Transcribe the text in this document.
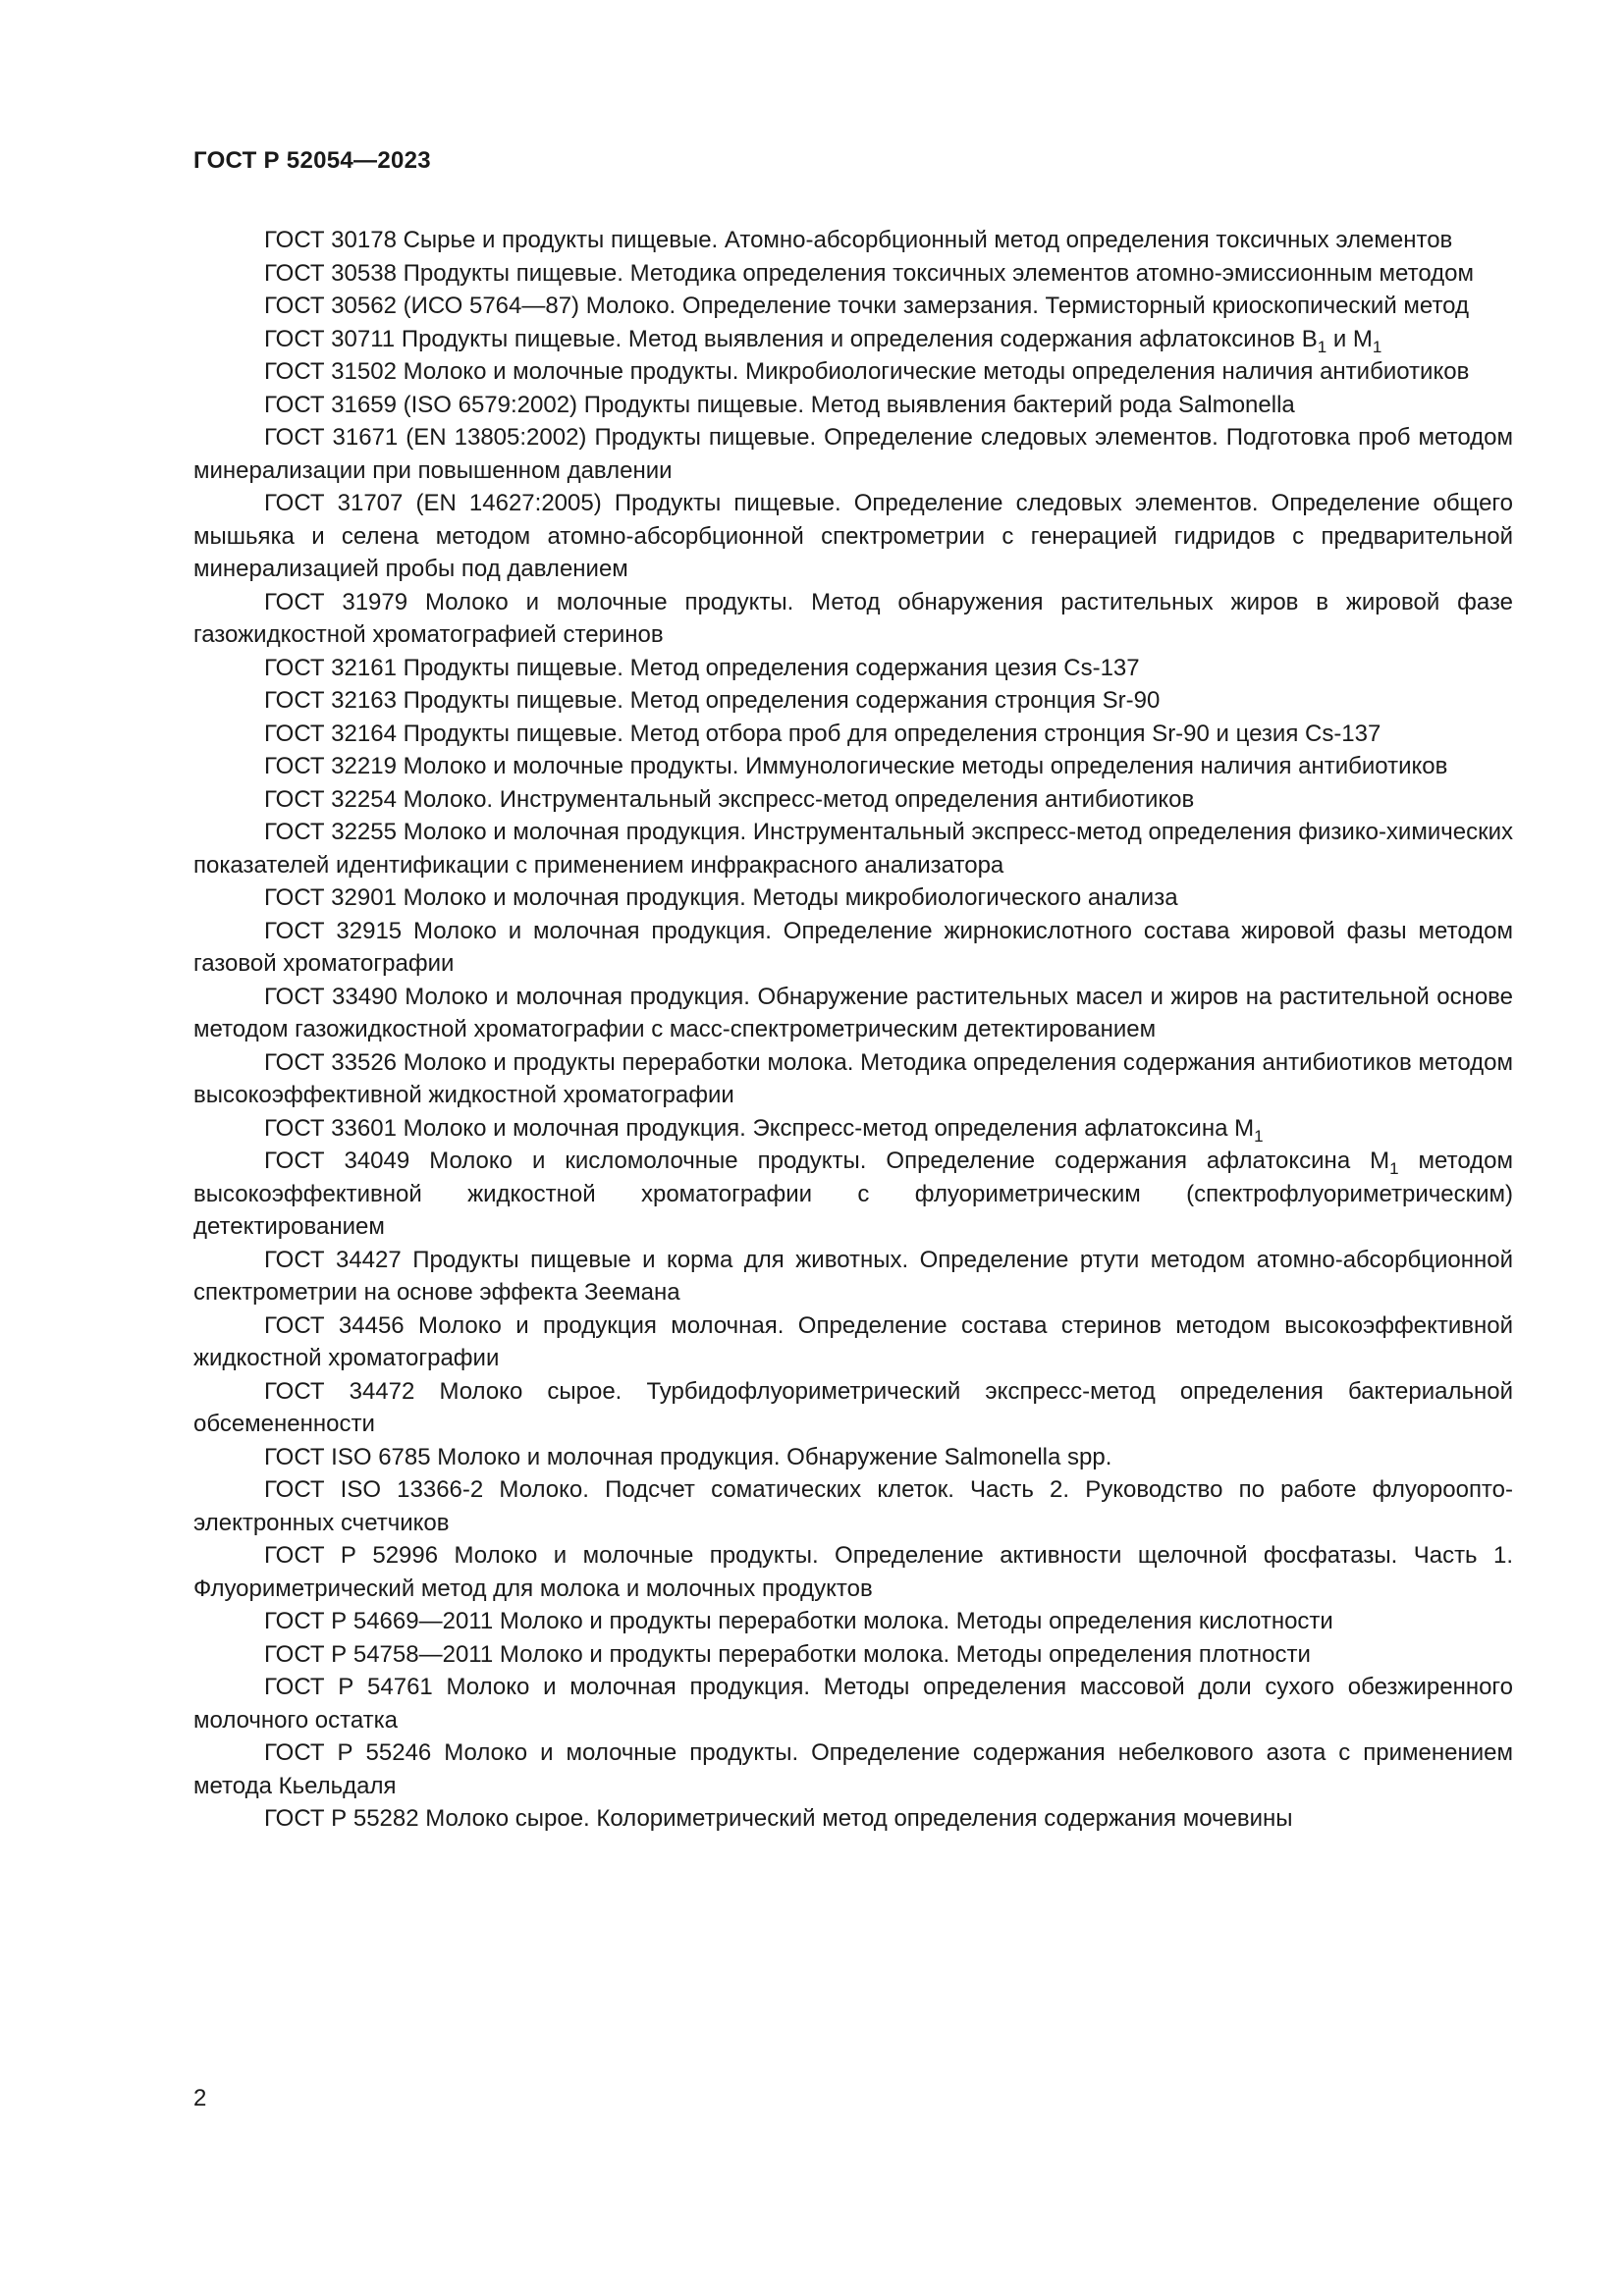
ГОСТ Р 52054—2023

ГОСТ 30178 Сырье и продукты пищевые. Атомно-абсорбционный метод определения токсичных элементов

ГОСТ 30538 Продукты пищевые. Методика определения токсичных элементов атомно-эмиссионным методом

ГОСТ 30562 (ИСО 5764—87) Молоко. Определение точки замерзания. Термисторный криоскопический метод

ГОСТ 30711 Продукты пищевые. Метод выявления и определения содержания афлатоксинов $В_1$ и $М_1$

ГОСТ 31502 Молоко и молочные продукты. Микробиологические методы определения наличия антибиотиков

ГОСТ 31659 (ISO 6579:2002) Продукты пищевые. Метод выявления бактерий рода Salmonella

ГОСТ 31671 (EN 13805:2002) Продукты пищевые. Определение следовых элементов. Подготовка проб методом минерализации при повышенном давлении

ГОСТ 31707 (EN 14627:2005) Продукты пищевые. Определение следовых элементов. Определение общего мышьяка и селена методом атомно-абсорбционной спектрометрии с генерацией гидридов с предварительной минерализацией пробы под давлением

ГОСТ 31979 Молоко и молочные продукты. Метод обнаружения растительных жиров в жировой фазе газожидкостной хроматографией стеринов

ГОСТ 32161 Продукты пищевые. Метод определения содержания цезия Cs-137

ГОСТ 32163 Продукты пищевые. Метод определения содержания стронция Sr-90

ГОСТ 32164 Продукты пищевые. Метод отбора проб для определения стронция Sr-90 и цезия Cs-137

ГОСТ 32219 Молоко и молочные продукты. Иммунологические методы определения наличия антибиотиков

ГОСТ 32254 Молоко. Инструментальный экспресс-метод определения антибиотиков

ГОСТ 32255 Молоко и молочная продукция. Инструментальный экспресс-метод определения физико-химических показателей идентификации с применением инфракрасного анализатора

ГОСТ 32901 Молоко и молочная продукция. Методы микробиологического анализа

ГОСТ 32915 Молоко и молочная продукция. Определение жирнокислотного состава жировой фазы методом газовой хроматографии

ГОСТ 33490 Молоко и молочная продукция. Обнаружение растительных масел и жиров на растительной основе методом газожидкостной хроматографии с масс-спектрометрическим детектированием

ГОСТ 33526 Молоко и продукты переработки молока. Методика определения содержания антибиотиков методом высокоэффективной жидкостной хроматографии

ГОСТ 33601 Молоко и молочная продукция. Экспресс-метод определения афлатоксина $М_1$

ГОСТ 34049 Молоко и кисломолочные продукты. Определение содержания афлатоксина $М_1$ методом высокоэффективной жидкостной хроматографии с флуориметрическим (спектрофлуориметрическим) детектированием

ГОСТ 34427 Продукты пищевые и корма для животных. Определение ртути методом атомно-абсорбционной спектрометрии на основе эффекта Зеемана

ГОСТ 34456 Молоко и продукция молочная. Определение состава стеринов методом высокоэффективной жидкостной хроматографии

ГОСТ 34472 Молоко сырое. Турбидофлуориметрический экспресс-метод определения бактериальной обсемененности

ГОСТ ISO 6785 Молоко и молочная продукция. Обнаружение Salmonella spp.

ГОСТ ISO 13366-2 Молоко. Подсчет соматических клеток. Часть 2. Руководство по работе флуороопто-электронных счетчиков

ГОСТ Р 52996 Молоко и молочные продукты. Определение активности щелочной фосфатазы. Часть 1. Флуориметрический метод для молока и молочных продуктов

ГОСТ Р 54669—2011 Молоко и продукты переработки молока. Методы определения кислотности

ГОСТ Р 54758—2011 Молоко и продукты переработки молока. Методы определения плотности

ГОСТ Р 54761 Молоко и молочная продукция. Методы определения массовой доли сухого обезжиренного молочного остатка

ГОСТ Р 55246 Молоко и молочные продукты. Определение содержания небелкового азота с применением метода Кьельдаля

ГОСТ Р 55282 Молоко сырое. Колориметрический метод определения содержания мочевины

2
